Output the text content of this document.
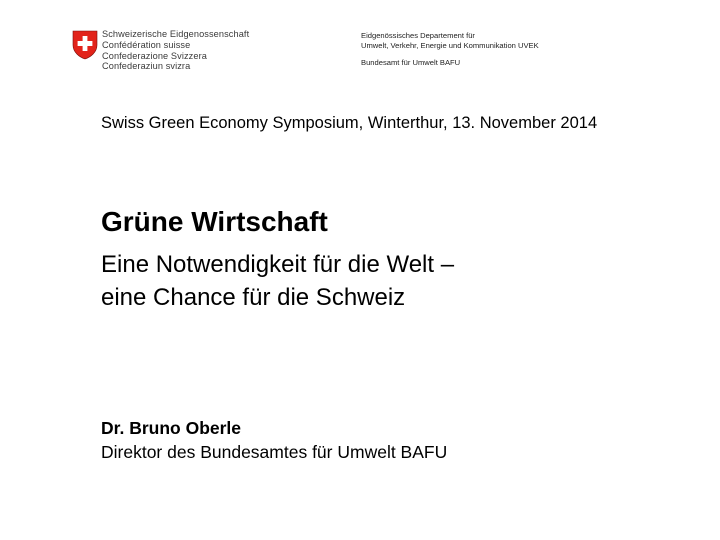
Schweizerische Eidgenossenschaft
Confédération suisse
Confederazione Svizzera
Confederaziun svizra
Eidgenössisches Departement für
Umwelt, Verkehr, Energie und Kommunikation UVEK
Bundesamt für Umwelt BAFU
Swiss Green Economy Symposium, Winterthur, 13. November 2014
Grüne Wirtschaft
Eine Notwendigkeit für die Welt –
eine Chance für die Schweiz
Dr. Bruno Oberle
Direktor des Bundesamtes für Umwelt BAFU
